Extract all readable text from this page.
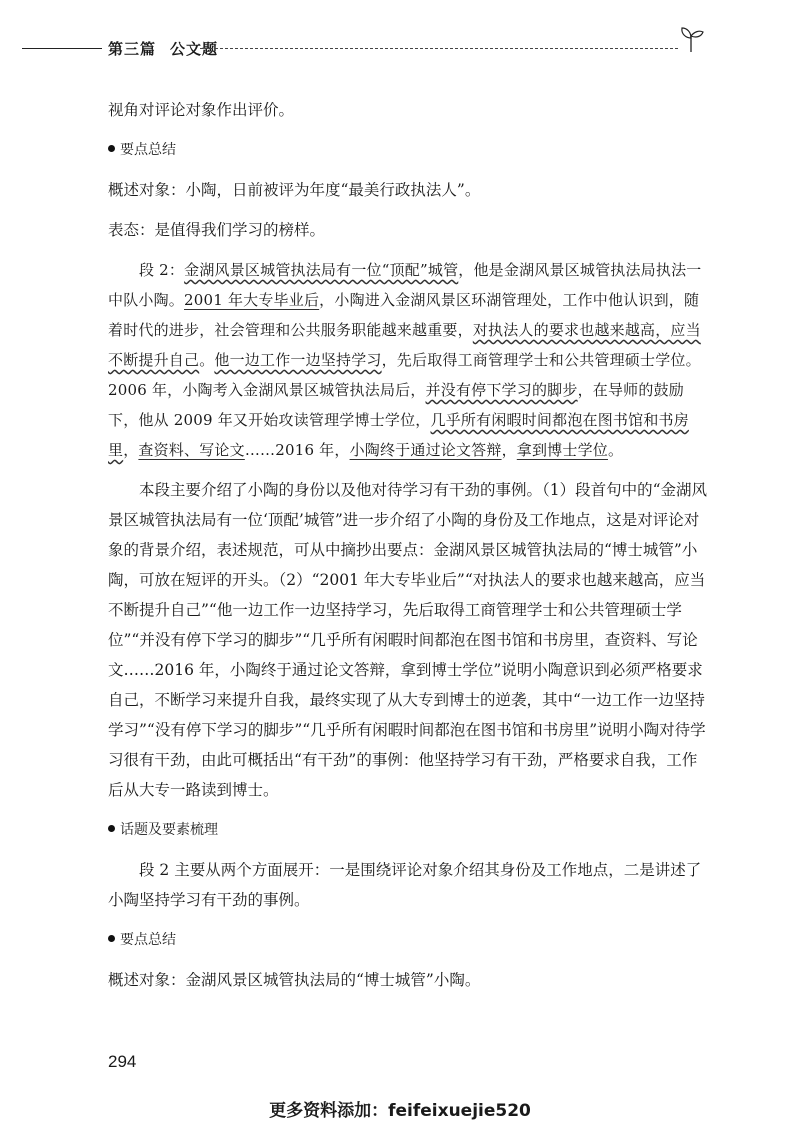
第三篇 公文题

视角对评论对象作出评价。

要点总结

概述对象：小陶，日前被评为年度“最美行政执法人”。

表态：是值得我们学习的榜样。

段 2：金湖风景区城管执法局有一位“顶配”城管，他是金湖风景区城管执法局执法一中队小陶。2001 年大专毕业后，小陶进入金湖风景区环湖管理处，工作中他认识到，随着时代的进步，社会管理和公共服务职能越来越重要，对执法人的要求也越来越高，应当不断提升自己。他一边工作一边坚持学习，先后取得工商管理学士和公共管理硕士学位。2006 年，小陶考入金湖风景区城管执法局后，并没有停下学习的脚步，在导师的鼓励下，他从 2009 年又开始攻读管理学博士学位，几乎所有闲暇时间都泡在图书馆和书房里，查资料、写论文……2016 年，小陶终于通过论文答辩，拿到博士学位。

本段主要介绍了小陶的身份以及他对待学习有干劲的事例。（1）段首句中的“金湖风景区城管执法局有一位‘顶配’城管”进一步介绍了小陶的身份及工作地点，这是对评论对象的背景介绍，表述规范，可从中摘抄出要点：金湖风景区城管执法局的“博士城管”小陶，可放在短评的开头。（2）“2001 年大专毕业后”“对执法人的要求也越来越高，应当不断提升自己”“他一边工作一边坚持学习，先后取得工商管理学士和公共管理硕士学位”“并没有停下学习的脚步”“几乎所有闲暇时间都泡在图书馆和书房里，查资料、写论文……2016 年，小陶终于通过论文答辩，拿到博士学位”说明小陶意识到必须严格要求自己，不断学习来提升自我，最终实现了从大专到博士的逆袭，其中“一边工作一边坚持学习”“没有停下学习的脚步”“几乎所有闲暇时间都泡在图书馆和书房里”说明小陶对待学习很有干劲，由此可概括出“有干劲”的事例：他坚持学习有干劲，严格要求自我，工作后从大专一路读到博士。

话题及要素梳理

段 2 主要从两个方面展开：一是围绕评论对象介绍其身份及工作地点，二是讲述了小陶坚持学习有干劲的事例。

要点总结

概述对象：金湖风景区城管执法局的“博士城管”小陶。

294
更多资料添加：feifeixuejie520
